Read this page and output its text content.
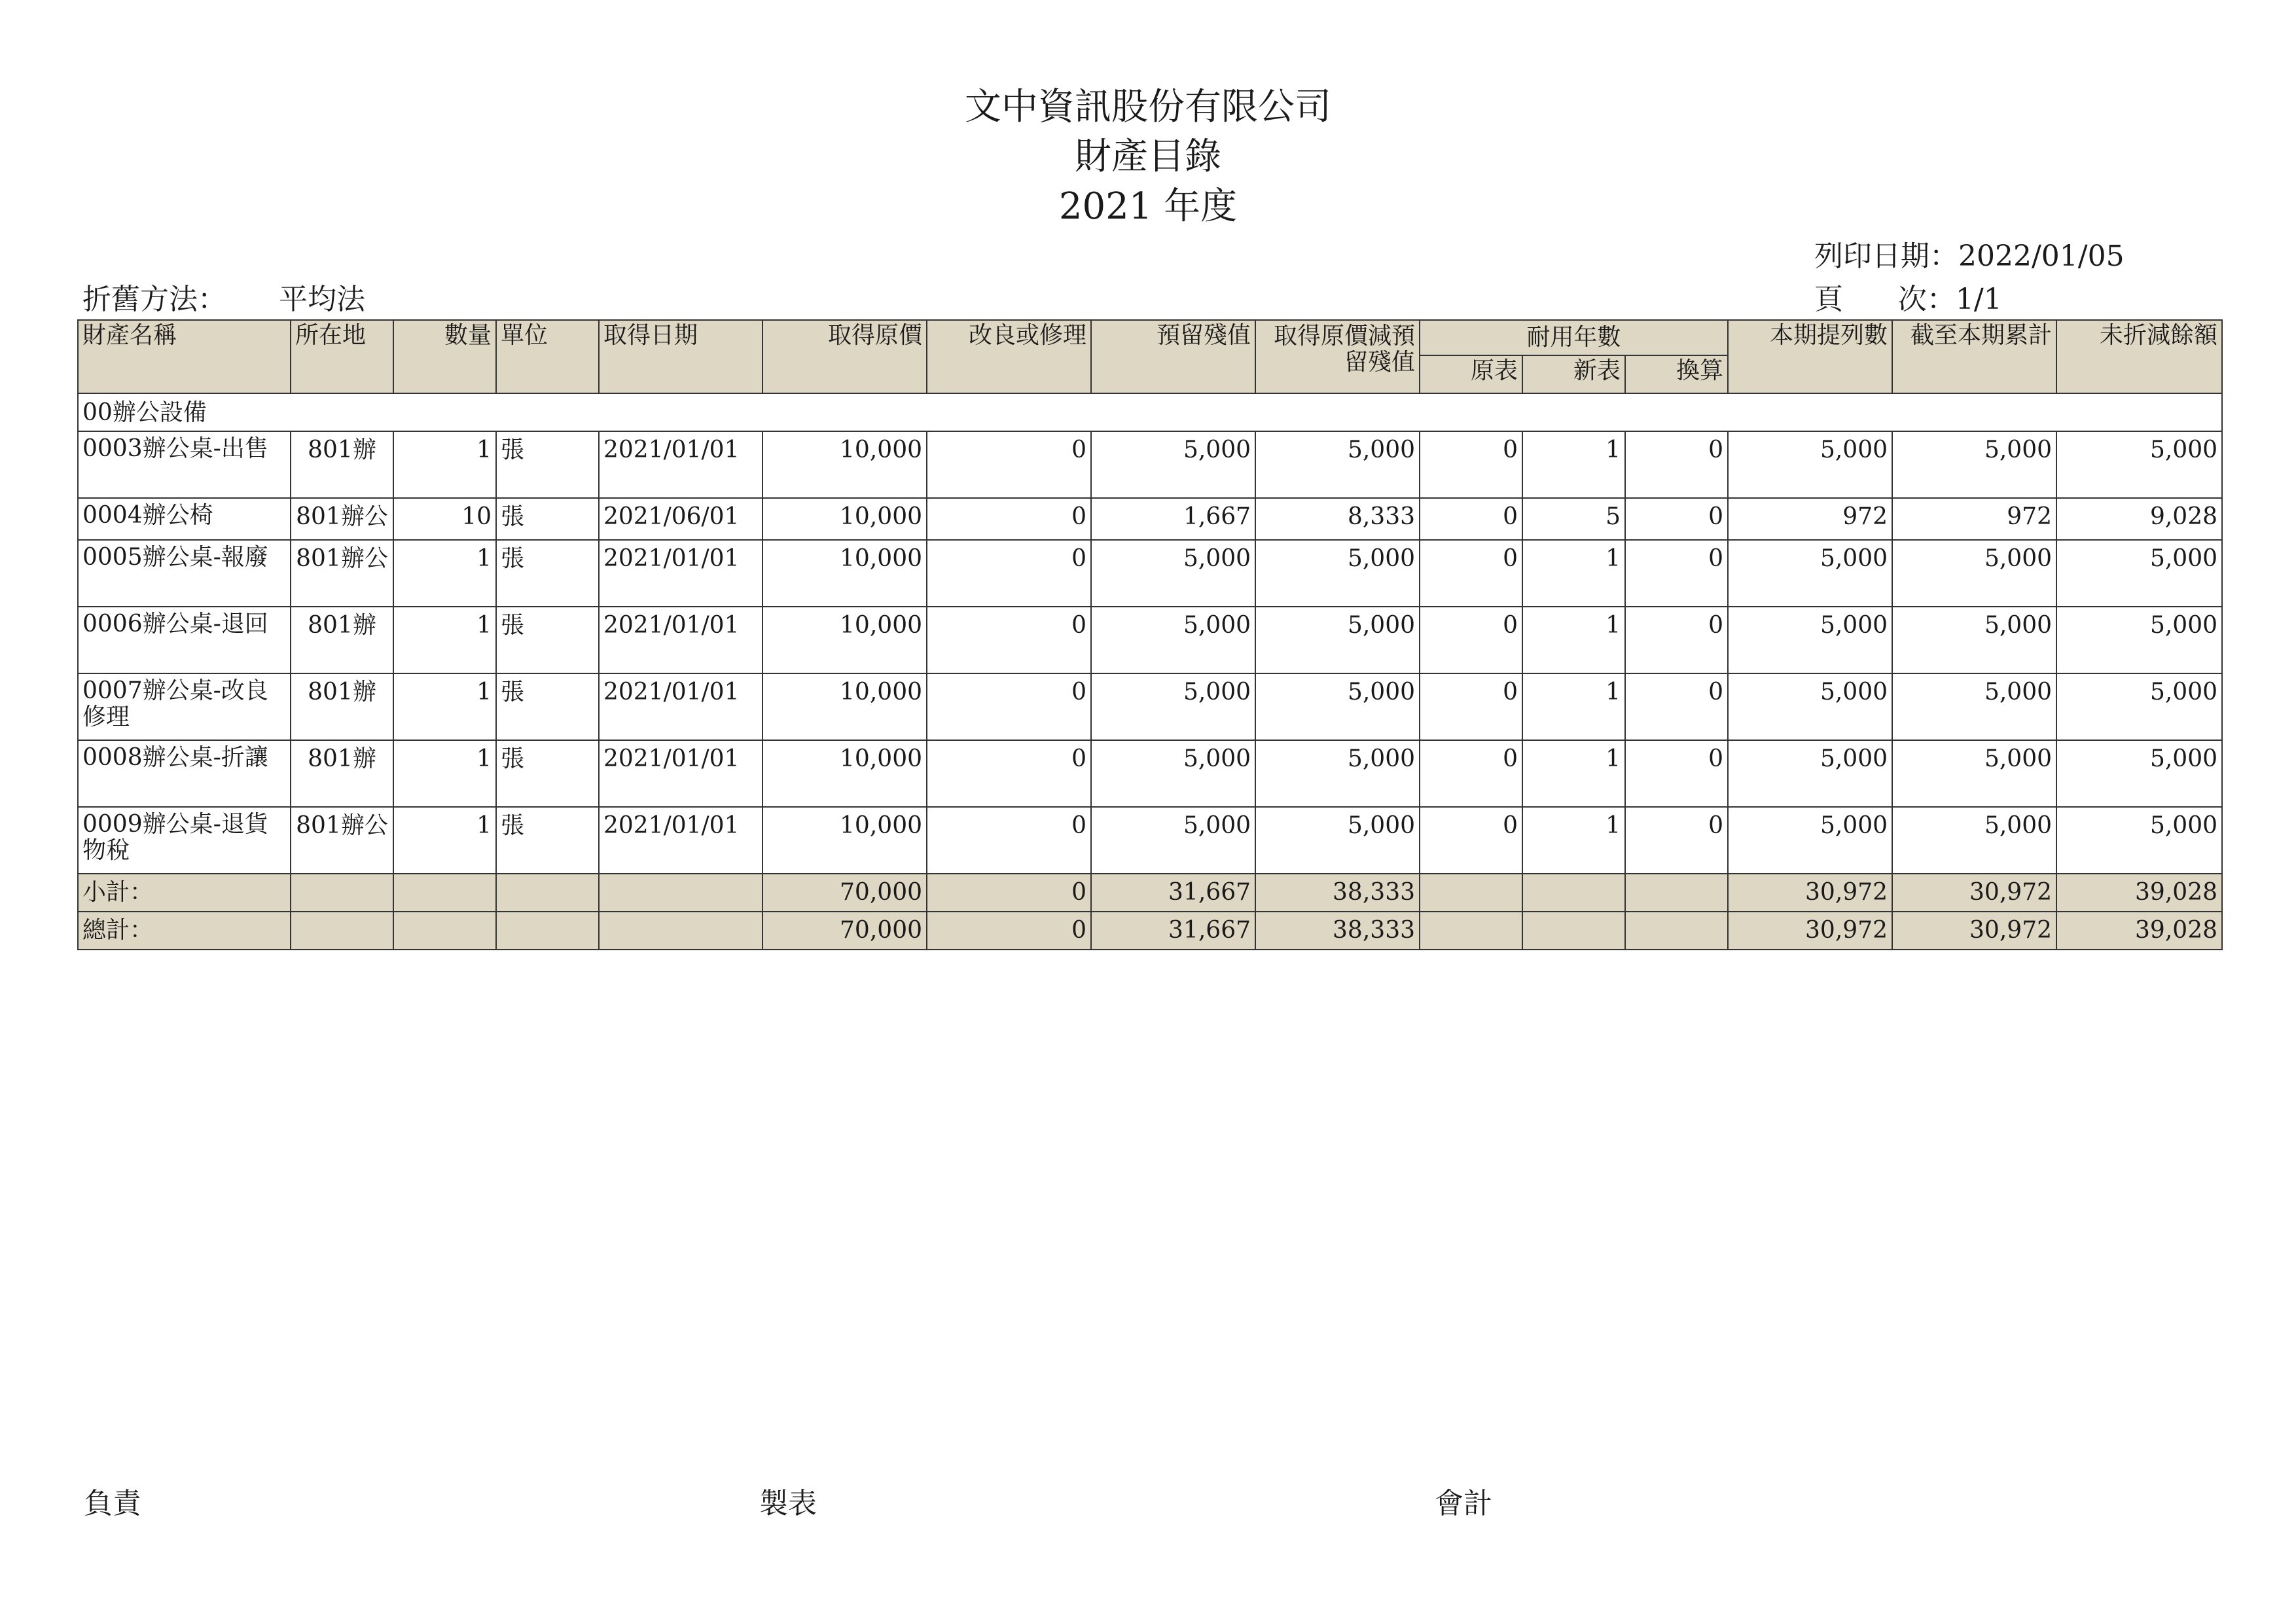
文中資訊股份有限公司
財產目錄
2021 年度
列印日期：2022/01/05
折舊方法： 平均法	頁      次：1/1
財產名稱	所在地	數量	單位	取得日期	取得原價	改良或修理	預留殘值	取得原價減預
留殘值	耐用年數			本期提列數	截至本期累計	未折減餘額
									原表	新表	換算			
00辦公設備														
0003辦公桌-出售	801辦	1	張	2021/01/01	10,000	0	5,000	5,000	0	1	0	5,000	5,000	5,000
0004辦公椅	801辦公	10	張	2021/06/01	10,000	0	1,667	8,333	0	5	0	972	972	9,028
0005辦公桌-報廢	801辦公	1	張	2021/01/01	10,000	0	5,000	5,000	0	1	0	5,000	5,000	5,000
0006辦公桌-退回	801辦	1	張	2021/01/01	10,000	0	5,000	5,000	0	1	0	5,000	5,000	5,000
0007辦公桌-改良修理	801辦	1	張	2021/01/01	10,000	0	5,000	5,000	0	1	0	5,000	5,000	5,000
0008辦公桌-折讓	801辦	1	張	2021/01/01	10,000	0	5,000	5,000	0	1	0	5,000	5,000	5,000
0009辦公桌-退貨物稅	801辦公	1	張	2021/01/01	10,000	0	5,000	5,000	0	1	0	5,000	5,000	5,000
小計：					70,000	0	31,667	38,333				30,972	30,972	39,028
總計：					70,000	0	31,667	38,333				30,972	30,972	39,028
負責	製表	會計
